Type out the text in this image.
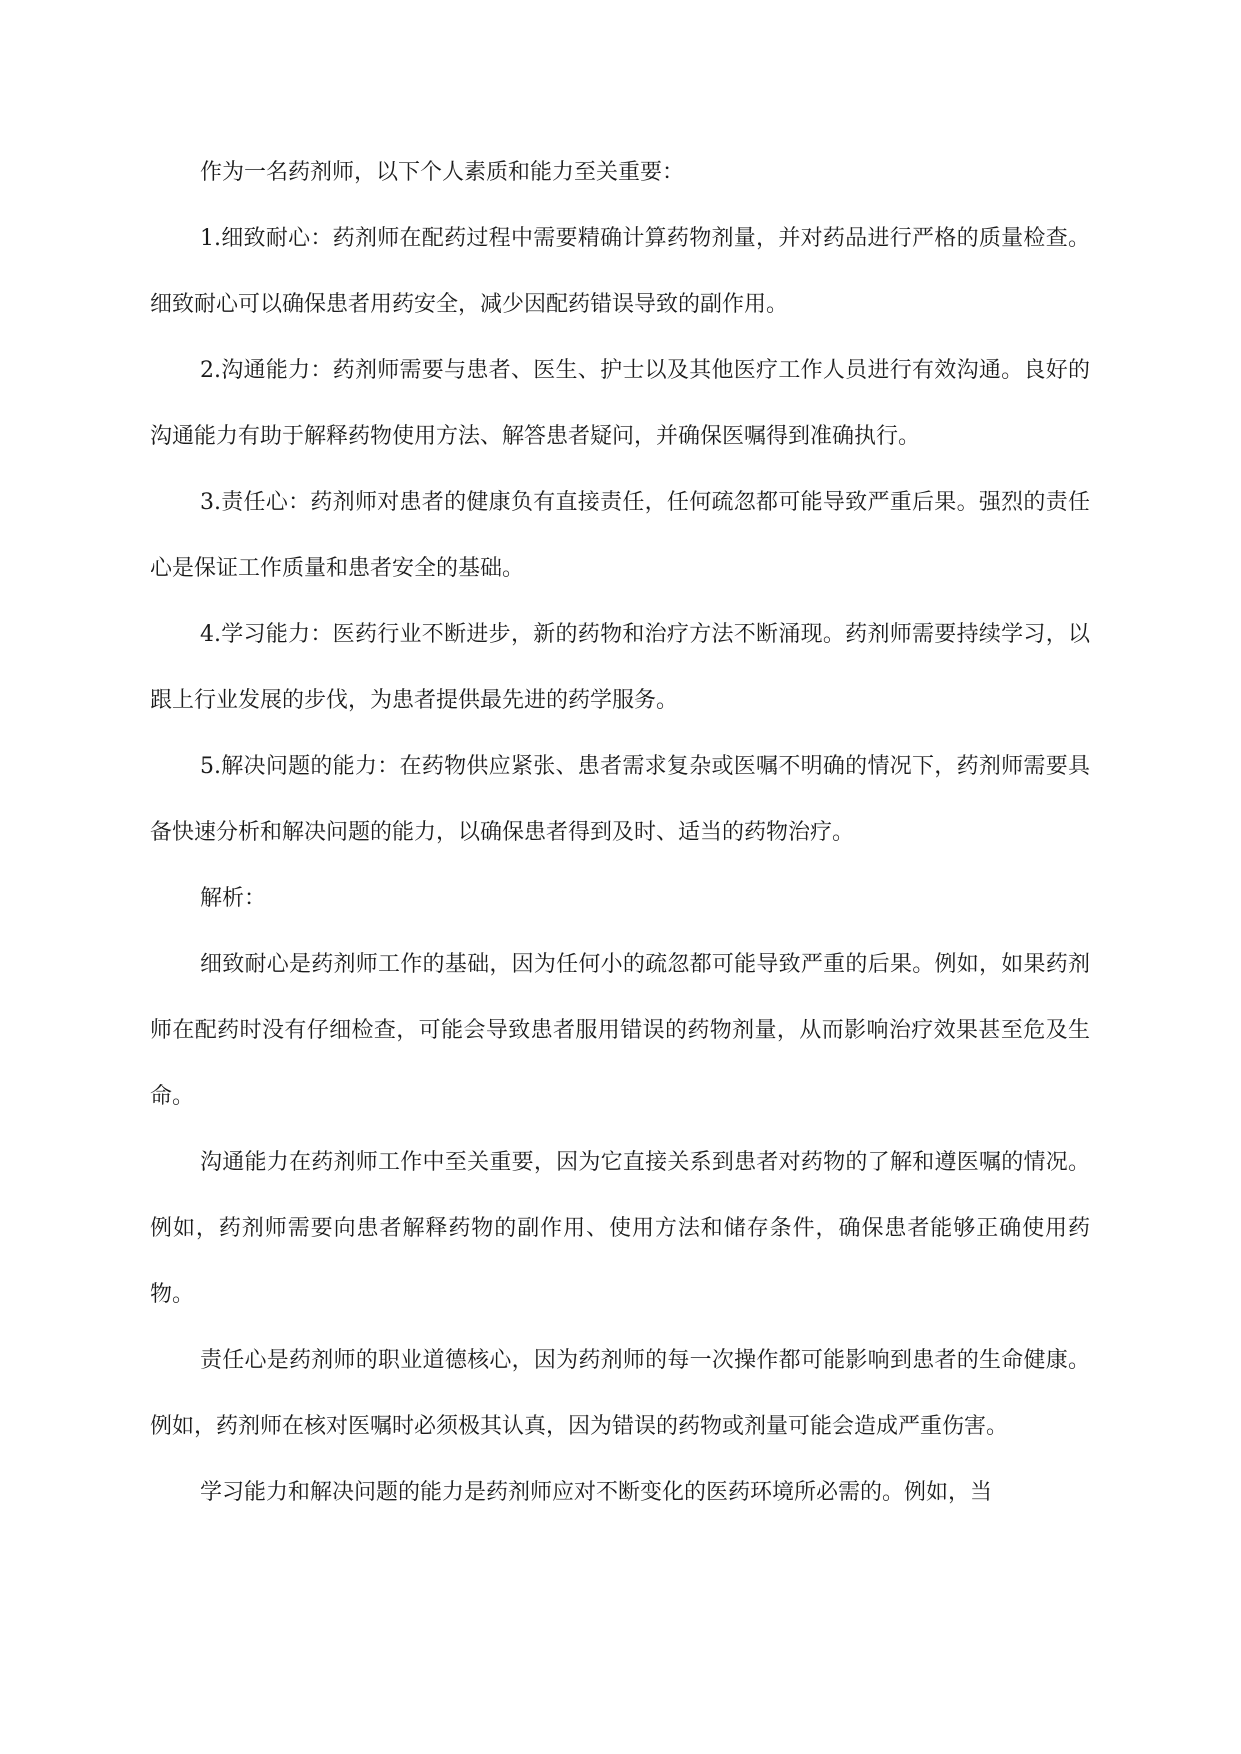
作为一名药剂师，以下个人素质和能力至关重要：

1.细致耐心：药剂师在配药过程中需要精确计算药物剂量，并对药品进行严格的质量检查。细致耐心可以确保患者用药安全，减少因配药错误导致的副作用。

2.沟通能力：药剂师需要与患者、医生、护士以及其他医疗工作人员进行有效沟通。良好的沟通能力有助于解释药物使用方法、解答患者疑问，并确保医嘱得到准确执行。

3.责任心：药剂师对患者的健康负有直接责任，任何疏忽都可能导致严重后果。强烈的责任心是保证工作质量和患者安全的基础。

4.学习能力：医药行业不断进步，新的药物和治疗方法不断涌现。药剂师需要持续学习，以跟上行业发展的步伐，为患者提供最先进的药学服务。

5.解决问题的能力：在药物供应紧张、患者需求复杂或医嘱不明确的情况下，药剂师需要具备快速分析和解决问题的能力，以确保患者得到及时、适当的药物治疗。

解析：

细致耐心是药剂师工作的基础，因为任何小的疏忽都可能导致严重的后果。例如，如果药剂师在配药时没有仔细检查，可能会导致患者服用错误的药物剂量，从而影响治疗效果甚至危及生命。

沟通能力在药剂师工作中至关重要，因为它直接关系到患者对药物的了解和遵医嘱的情况。例如，药剂师需要向患者解释药物的副作用、使用方法和储存条件，确保患者能够正确使用药物。

责任心是药剂师的职业道德核心，因为药剂师的每一次操作都可能影响到患者的生命健康。例如，药剂师在核对医嘱时必须极其认真，因为错误的药物或剂量可能会造成严重伤害。

学习能力和解决问题的能力是药剂师应对不断变化的医药环境所必需的。例如，当
